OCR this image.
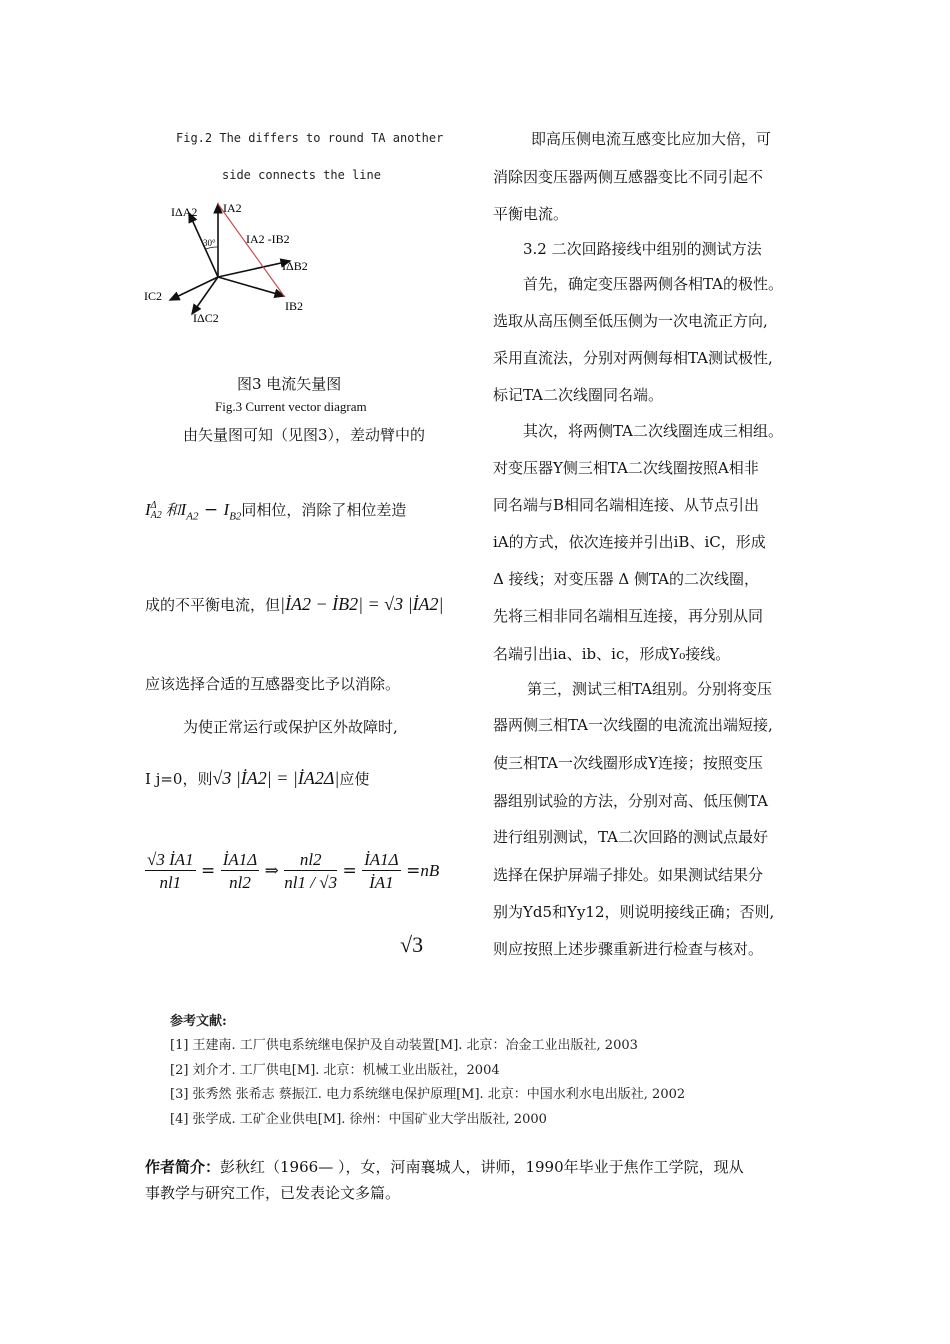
Fig.2 The differs to round TA another
side connects the line
IA2
IΔA2
30°	IA2 -IB2
IΔB2
IC2
IΔC2
IB2
图3 电流矢量图
Fig.3 Current vector diagram
由矢量图可知（见图3），差动臂中的
I Δ
A2 和$I_{A2} - I_{B2}$同相位，消除了相位差造
成的不平衡电流，但|İA2 − İB2| = √3 |İA2|
应该选择合适的互感器变比予以消除。
为使正常运行或保护区外故障时,
I j=0，则√3 |İA2| = |İA2Δ|应使
$\frac{√3 İA1}{nl1} = \frac{İA1\Delta}{nl2}$ ⇒ $\frac{nl2}{nl1 / √3} = \frac{İA1\Delta}{İA1} =nB$
√3
即高压侧电流互感变比应加大倍，可
消除因变压器两侧互感器变比不同引起不
平衡电流。
3.2 二次回路接线中组别的测试方法
首先，确定变压器两侧各相TA的极性。
选取从高压侧至低压侧为一次电流正方向,
采用直流法，分别对两侧每相TA测试极性,
标记TA二次线圈同名端。
其次，将两侧TA二次线圈连成三相组。
对变压器Y侧三相TA二次线圈按照A相非
同名端与B相同名端相连接、从节点引出
iA的方式，依次连接并引出iB、iC，形成
Δ 接线；对变压器 Δ 侧TA的二次线圈，
先将三相非同名端相互连接，再分别从同
名端引出ia、ib、ic，形成Y₀接线。
第三，测试三相TA组别。分别将变压
器两侧三相TA一次线圈的电流流出端短接,
使三相TA一次线圈形成Y连接；按照变压
器组别试验的方法，分别对高、低压侧TA
进行组别测试，TA二次回路的测试点最好
选择在保护屏端子排处。如果测试结果分
别为Yd5和Yy12，则说明接线正确；否则,
则应按照上述步骤重新进行检查与核对。
参考文献:
[1] 王建南. 工厂供电系统继电保护及自动装置[M]. 北京：冶金工业出版社, 2003
[2] 刘介才. 工厂供电[M]. 北京：机械工业出版社，2004
[3] 张秀然 张希志 蔡振江. 电力系统继电保护原理[M]. 北京：中国水利水电出版社, 2002
[4] 张学成. 工矿企业供电[M]. 徐州：中国矿业大学出版社, 2000
作者简介：彭秋红（1966— ），女，河南襄城人，讲师，1990年毕业于焦作工学院，现从
事教学与研究工作，已发表论文多篇。
